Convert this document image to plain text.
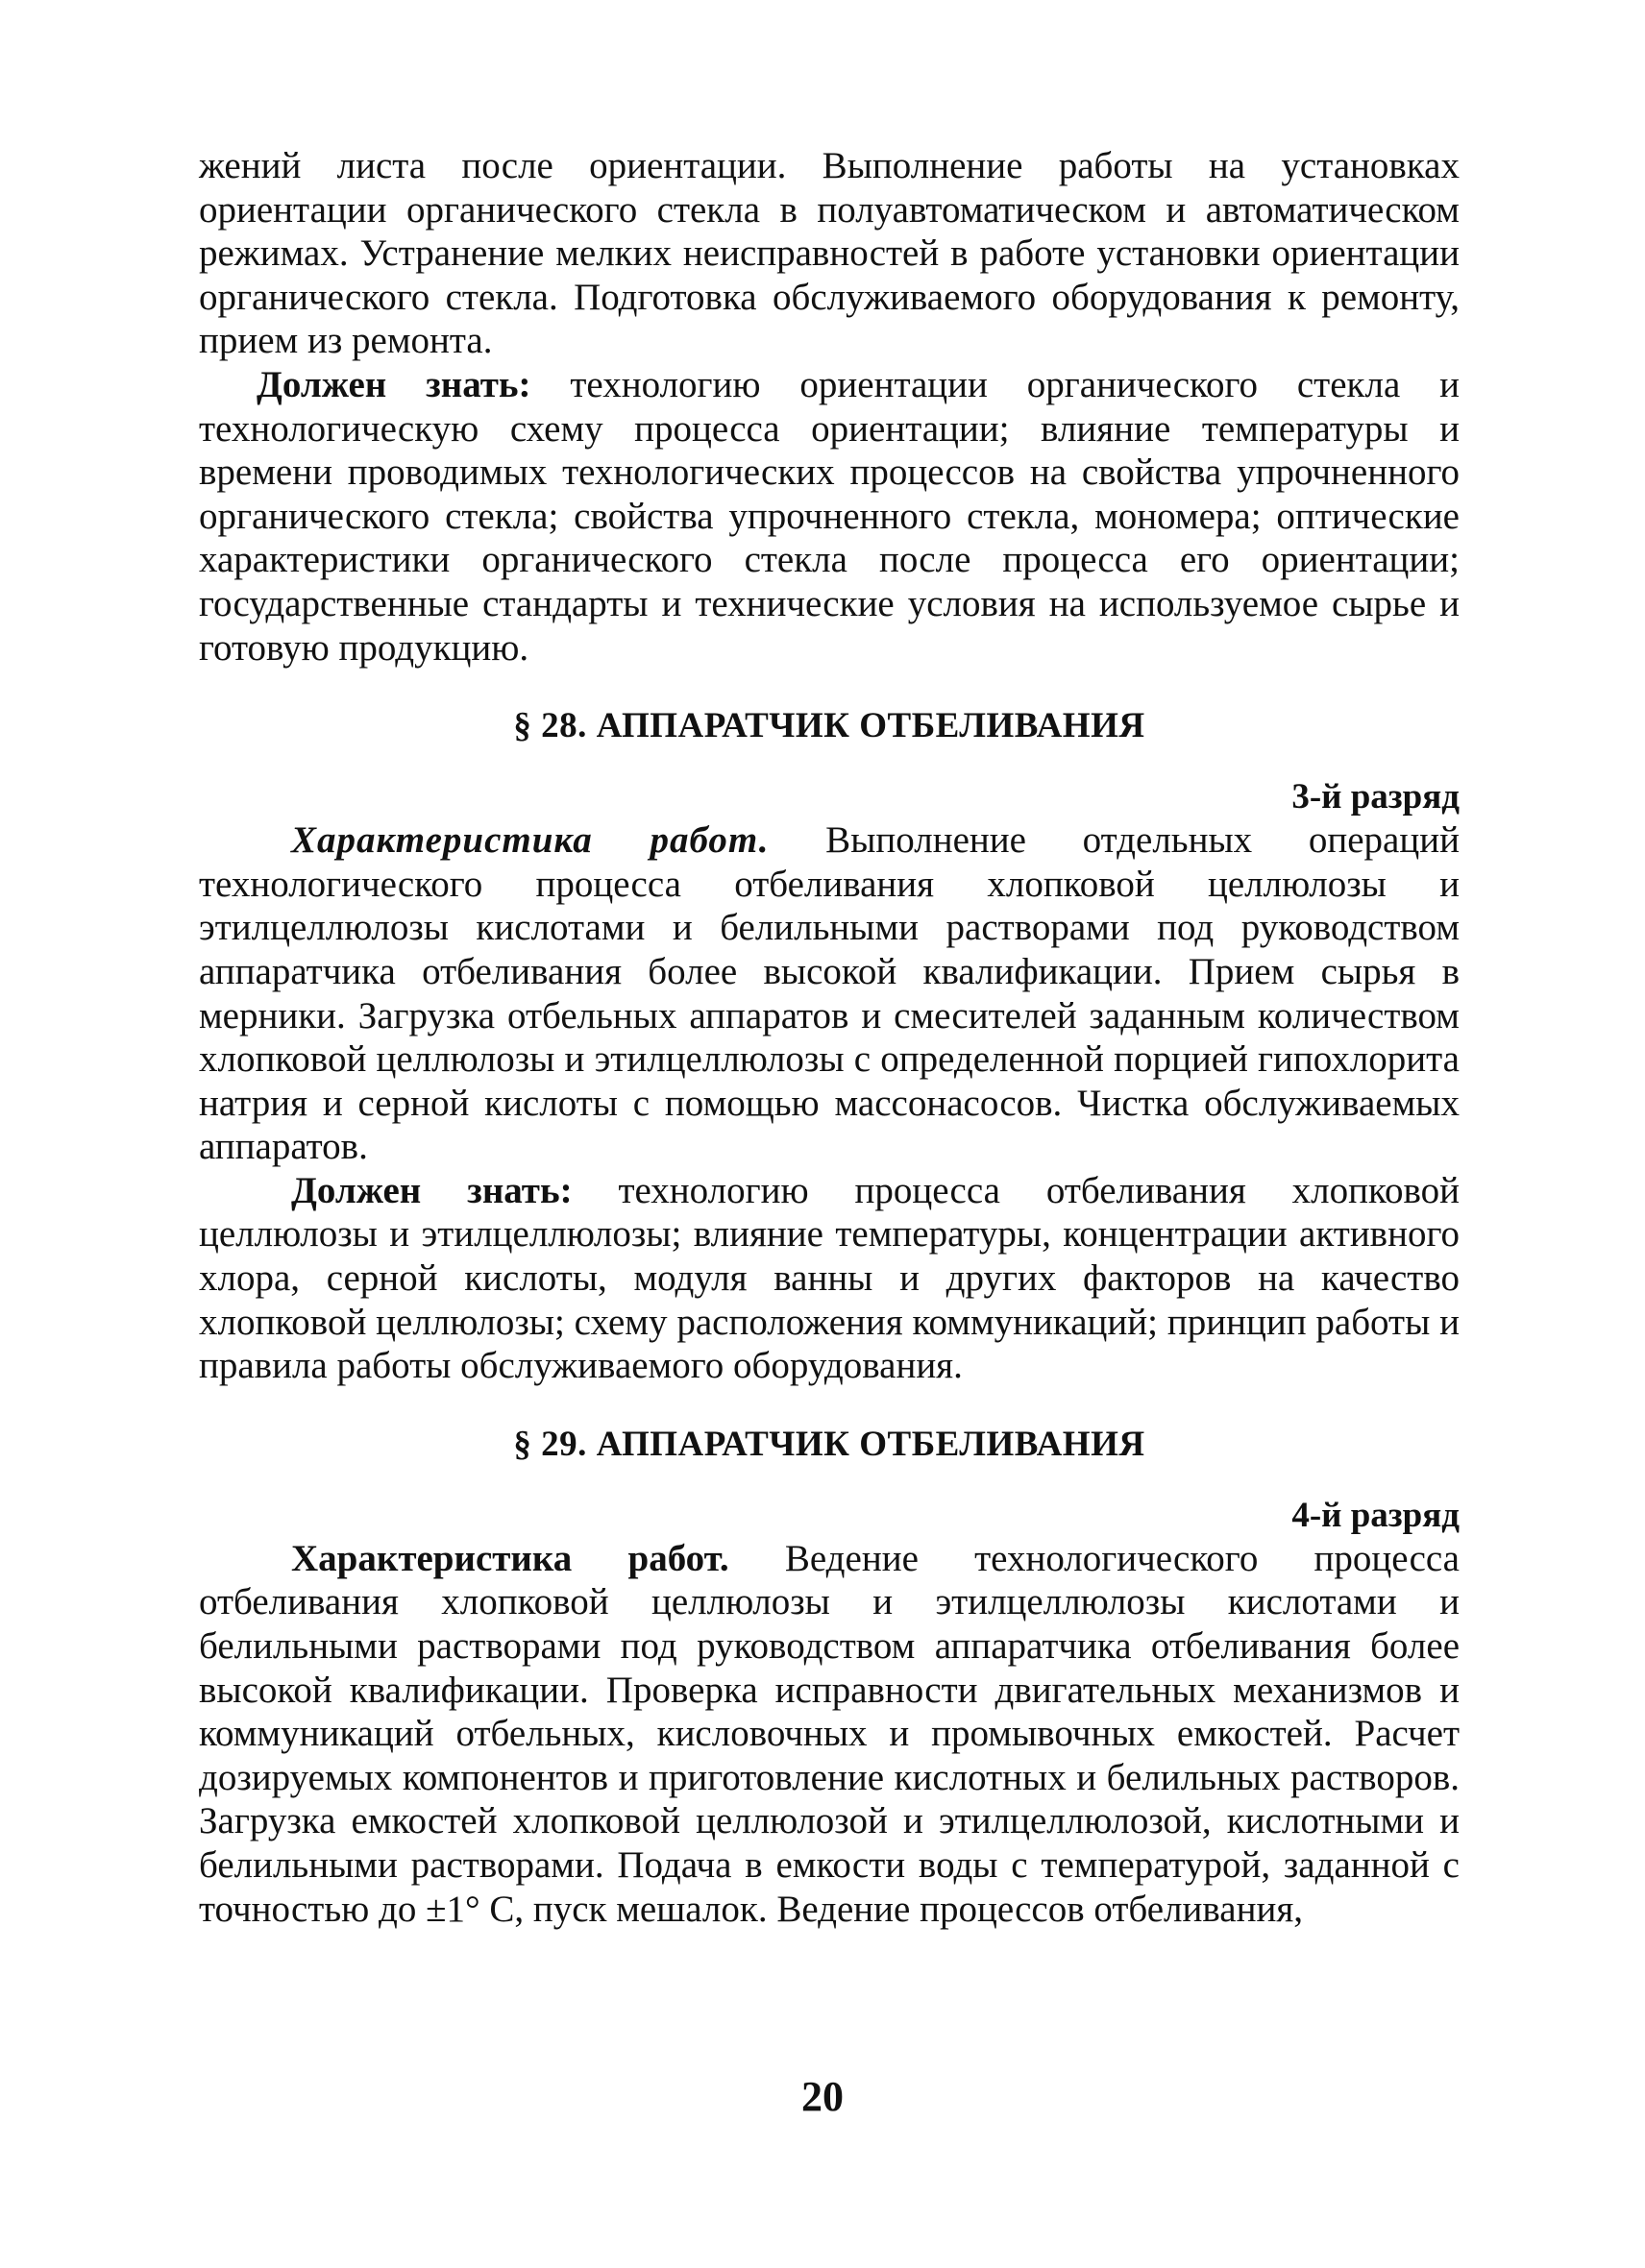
жений листа после ориентации. Выполнение работы на установках ориентации органического стекла в полуавтоматическом и автоматическом режимах. Устранение мелких неисправностей в работе установки ориентации органического стекла. Подготовка обслуживаемого оборудования к ремонту, прием из ремонта.

Должен знать: технологию ориентации органического стекла и технологическую схему процесса ориентации; влияние температуры и времени проводимых технологических процессов на свойства упрочненного органического стекла; свойства упрочненного стекла, мономера; оптические характеристики органического стекла после процесса его ориентации; государственные стандарты и технические условия на используемое сырье и готовую продукцию.

§ 28. АППАРАТЧИК ОТБЕЛИВАНИЯ

3-й разряд

Характеристика работ. Выполнение отдельных операций технологического процесса отбеливания хлопковой целлюлозы и этилцеллюлозы кислотами и белильными растворами под руководством аппаратчика отбеливания более высокой квалификации. Прием сырья в мерники. Загрузка отбельных аппаратов и смесителей заданным количеством хлопковой целлюлозы и этилцеллюлозы с определенной порцией гипохлорита натрия и серной кислоты с помощью массонасосов. Чистка обслуживаемых аппаратов.

Должен знать: технологию процесса отбеливания хлопковой целлюлозы и этилцеллюлозы; влияние температуры, концентрации активного хлора, серной кислоты, модуля ванны и других факторов на качество хлопковой целлюлозы; схему расположения коммуникаций; принцип работы и правила работы обслуживаемого оборудования.

§ 29. АППАРАТЧИК ОТБЕЛИВАНИЯ

4-й разряд

Характеристика работ. Ведение технологического процесса отбеливания хлопковой целлюлозы и этилцеллюлозы кислотами и белильными растворами под руководством аппаратчика отбеливания более высокой квалификации. Проверка исправности двигательных механизмов и коммуникаций отбельных, кисловочных и промывочных емкостей. Расчет дозируемых компонентов и приготовление кислотных и белильных растворов. Загрузка емкостей хлопковой целлюлозой и этилцеллюлозой, кислотными и белильными растворами. Подача в емкости воды с температурой, заданной с точностью до ±1° С, пуск мешалок. Ведение процессов отбеливания,

20
